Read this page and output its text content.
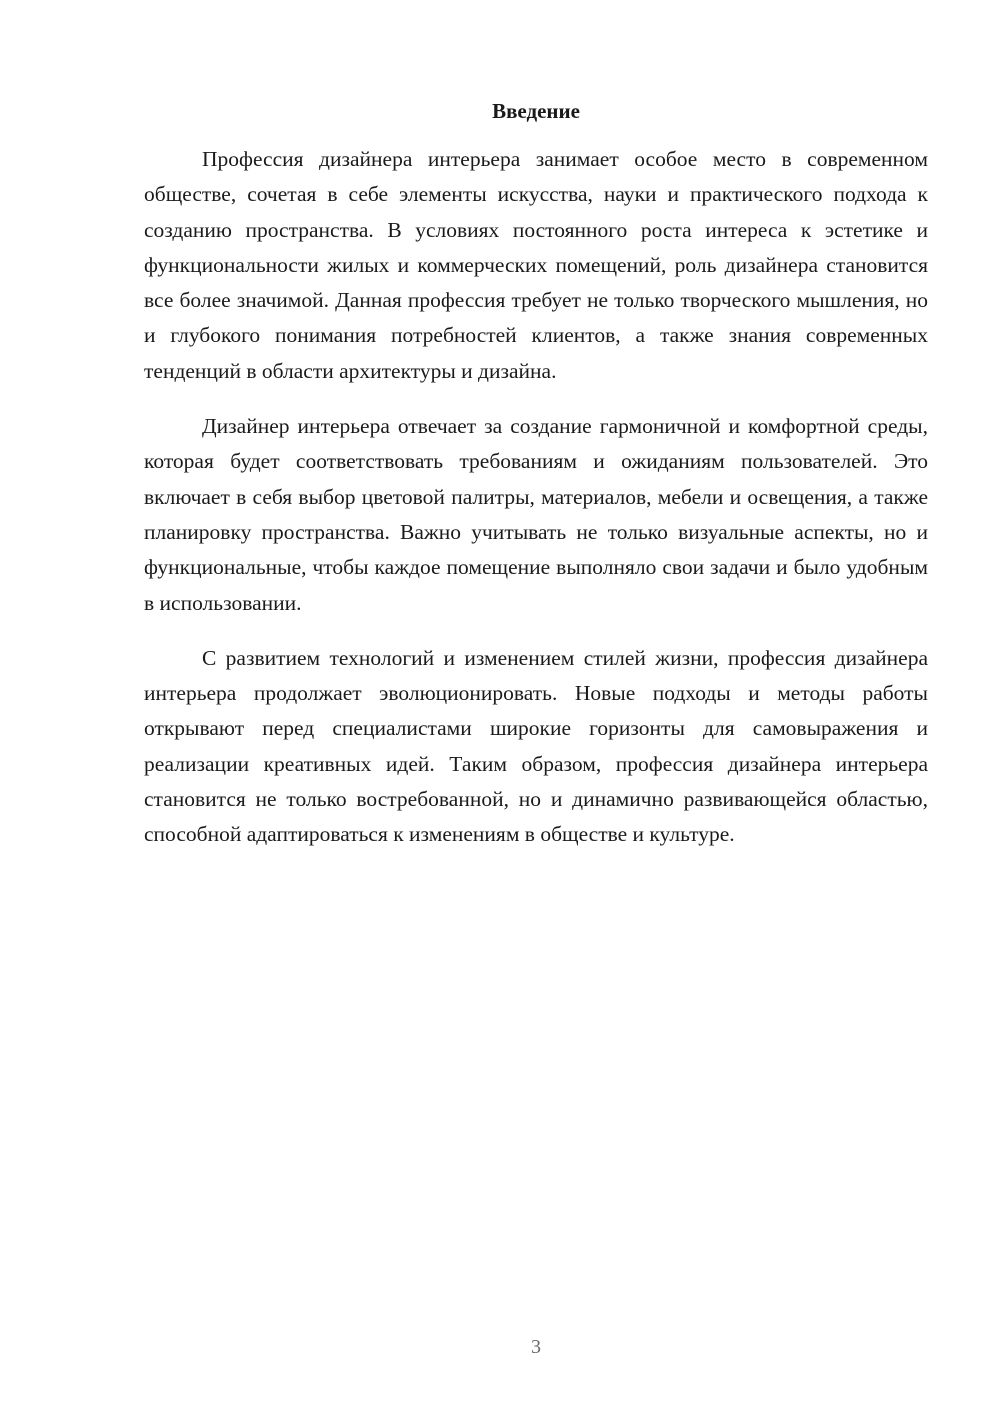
Введение

Профессия дизайнера интерьера занимает особое место в современном обществе, сочетая в себе элементы искусства, науки и практического подхода к созданию пространства. В условиях постоянного роста интереса к эстетике и функциональности жилых и коммерческих помещений, роль дизайнера становится все более значимой. Данная профессия требует не только творческого мышления, но и глубокого понимания потребностей клиентов, а также знания современных тенденций в области архитектуры и дизайна.

Дизайнер интерьера отвечает за создание гармоничной и комфортной среды, которая будет соответствовать требованиям и ожиданиям пользователей. Это включает в себя выбор цветовой палитры, материалов, мебели и освещения, а также планировку пространства. Важно учитывать не только визуальные аспекты, но и функциональные, чтобы каждое помещение выполняло свои задачи и было удобным в использовании.

С развитием технологий и изменением стилей жизни, профессия дизайнера интерьера продолжает эволюционировать. Новые подходы и методы работы открывают перед специалистами широкие горизонты для самовыражения и реализации креативных идей. Таким образом, профессия дизайнера интерьера становится не только востребованной, но и динамично развивающейся областью, способной адаптироваться к изменениям в обществе и культуре.

3
